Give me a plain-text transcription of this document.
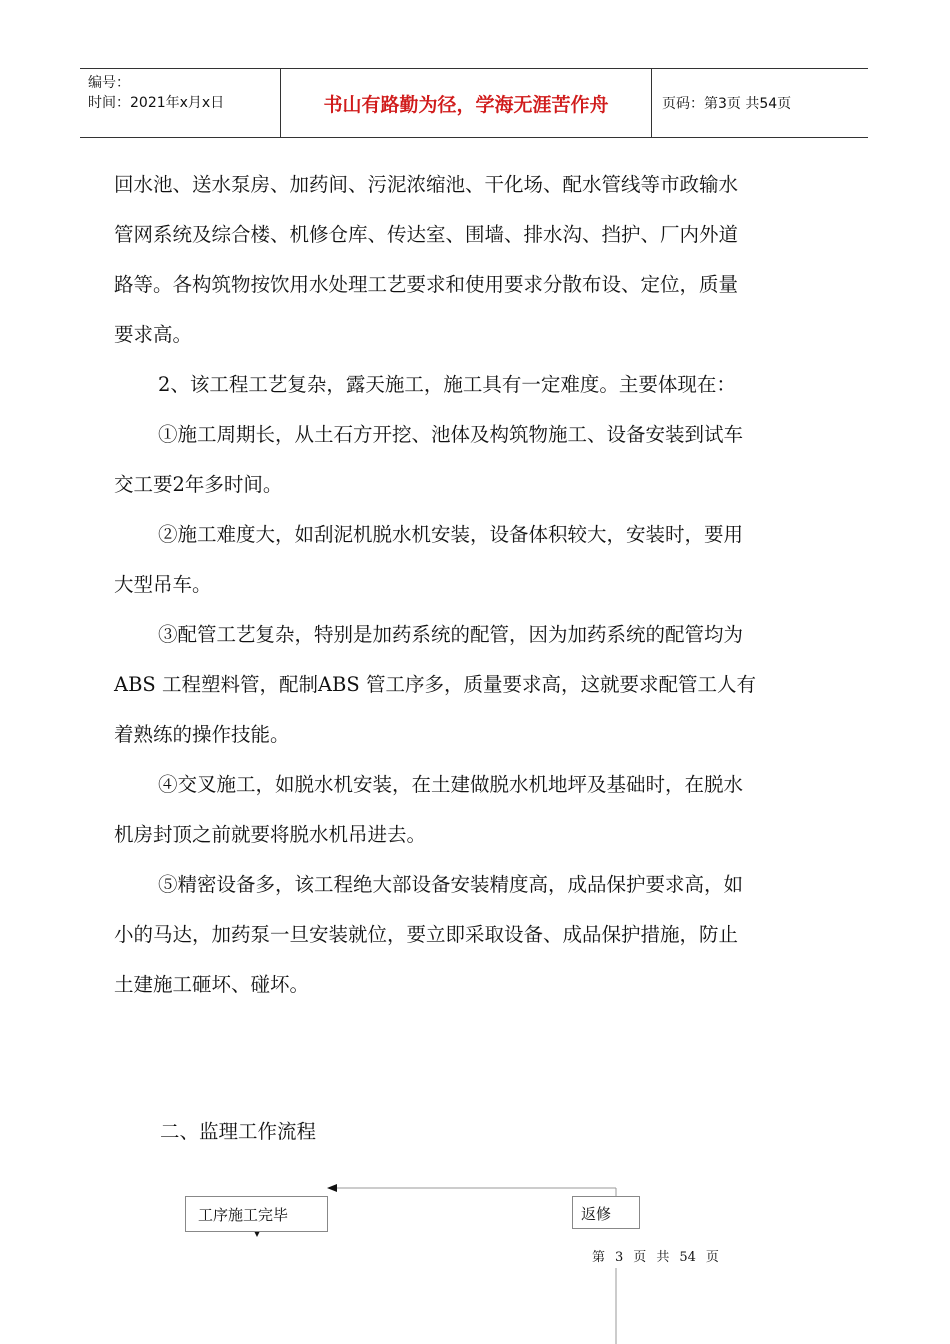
编号：
时间：2021年x月x日	书山有路勤为径，学海无涯苦作舟	页码：第3页 共54页
回水池、送水泵房、加药间、污泥浓缩池、干化场、配水管线等市政输水
管网系统及综合楼、机修仓库、传达室、围墙、排水沟、挡护、厂内外道
路等。各构筑物按饮用水处理工艺要求和使用要求分散布设、定位，质量
要求高。
2、该工程工艺复杂，露天施工，施工具有一定难度。主要体现在：
①施工周期长，从土石方开挖、池体及构筑物施工、设备安装到试车
交工要2年多时间。
②施工难度大，如刮泥机脱水机安装，设备体积较大，安装时，要用
大型吊车。
③配管工艺复杂，特别是加药系统的配管，因为加药系统的配管均为
ABS 工程塑料管，配制ABS 管工序多，质量要求高，这就要求配管工人有
着熟练的操作技能。
④交叉施工，如脱水机安装，在土建做脱水机地坪及基础时，在脱水
机房封顶之前就要将脱水机吊进去。
⑤精密设备多，该工程绝大部设备安装精度高，成品保护要求高，如
小的马达，加药泵一旦安装就位，要立即采取设备、成品保护措施，防止
土建施工砸坏、碰坏。
二、监理工作流程
工序施工完毕	返修
第 3 页 共 54 页
